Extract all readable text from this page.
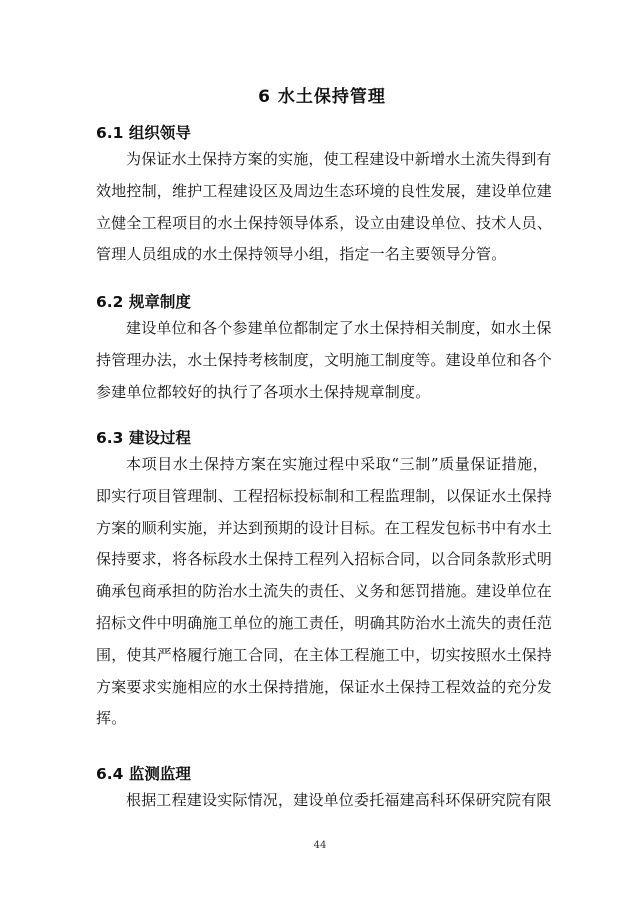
6 水土保持管理
6.1 组织领导
为保证水土保持方案的实施，使工程建设中新增水土流失得到有
效地控制，维护工程建设区及周边生态环境的良性发展，建设单位建
立健全工程项目的水土保持领导体系，设立由建设单位、技术人员、
管理人员组成的水土保持领导小组，指定一名主要领导分管。
6.2 规章制度
建设单位和各个参建单位都制定了水土保持相关制度，如水土保
持管理办法，水土保持考核制度，文明施工制度等。建设单位和各个
参建单位都较好的执行了各项水土保持规章制度。
6.3 建设过程
本项目水土保持方案在实施过程中采取“三制”质量保证措施，
即实行项目管理制、工程招标投标制和工程监理制，以保证水土保持
方案的顺利实施，并达到预期的设计目标。在工程发包标书中有水土
保持要求，将各标段水土保持工程列入招标合同，以合同条款形式明
确承包商承担的防治水土流失的责任、义务和惩罚措施。建设单位在
招标文件中明确施工单位的施工责任，明确其防治水土流失的责任范
围，使其严格履行施工合同，在主体工程施工中，切实按照水土保持
方案要求实施相应的水土保持措施，保证水土保持工程效益的充分发
挥。
6.4 监测监理
根据工程建设实际情况，建设单位委托福建高科环保研究院有限
44
